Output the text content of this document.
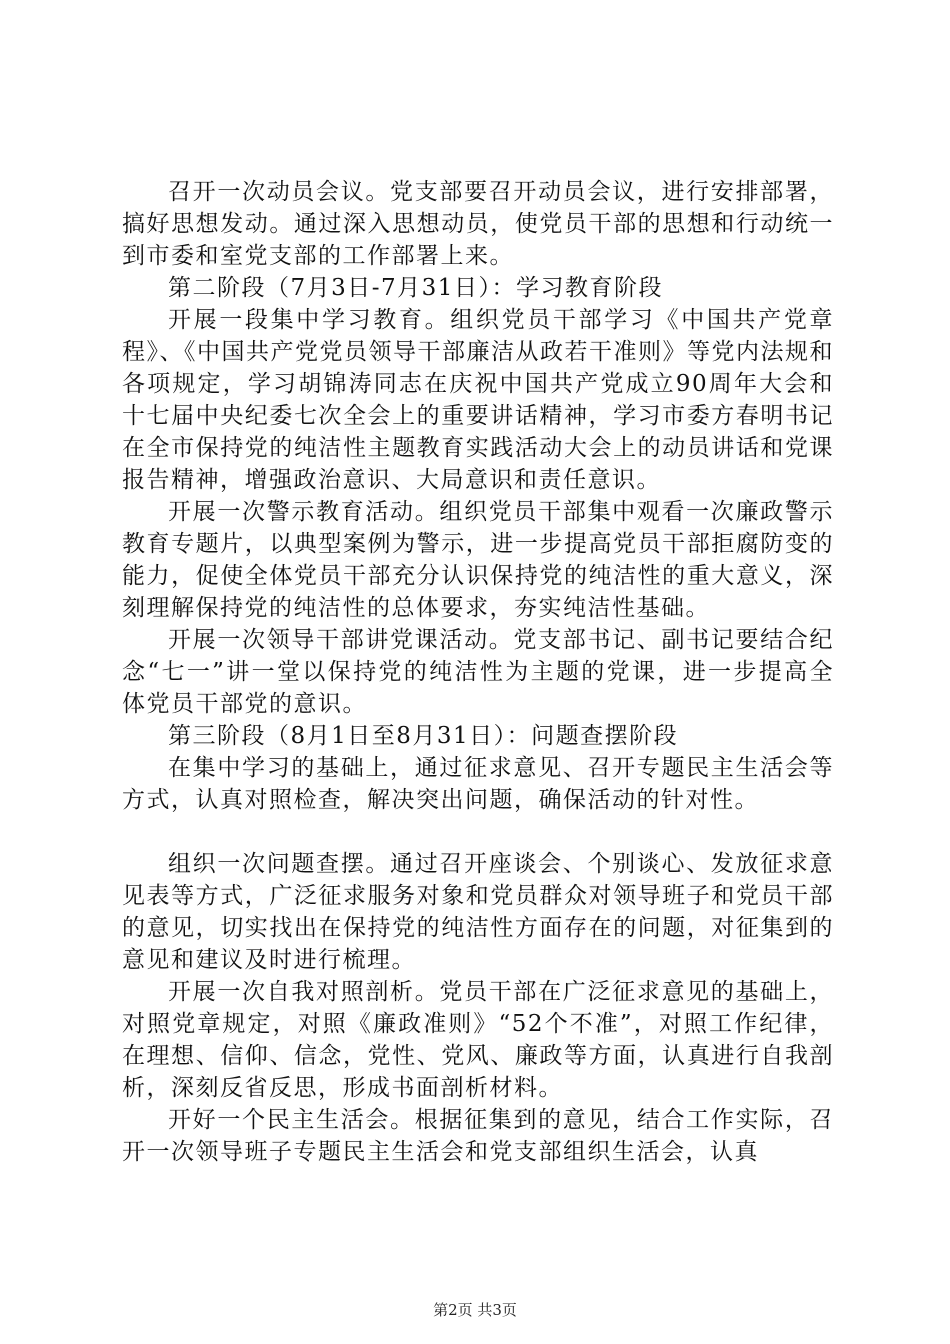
召开一次动员会议。党支部要召开动员会议，进行安排部署，搞好思想发动。通过深入思想动员，使党员干部的思想和行动统一到市委和室党支部的工作部署上来。

第二阶段（7月3日-7月31日）：学习教育阶段

开展一段集中学习教育。组织党员干部学习《中国共产党章程》、《中国共产党党员领导干部廉洁从政若干准则》等党内法规和各项规定，学习胡锦涛同志在庆祝中国共产党成立90周年大会和十七届中央纪委七次全会上的重要讲话精神，学习市委方春明书记在全市保持党的纯洁性主题教育实践活动大会上的动员讲话和党课报告精神，增强政治意识、大局意识和责任意识。

开展一次警示教育活动。组织党员干部集中观看一次廉政警示教育专题片，以典型案例为警示，进一步提高党员干部拒腐防变的能力，促使全体党员干部充分认识保持党的纯洁性的重大意义，深刻理解保持党的纯洁性的总体要求，夯实纯洁性基础。

开展一次领导干部讲党课活动。党支部书记、副书记要结合纪念“七一”讲一堂以保持党的纯洁性为主题的党课，进一步提高全体党员干部党的意识。

第三阶段（8月1日至8月31日）：问题查摆阶段

在集中学习的基础上，通过征求意见、召开专题民主生活会等方式，认真对照检查，解决突出问题，确保活动的针对性。

组织一次问题查摆。通过召开座谈会、个别谈心、发放征求意见表等方式，广泛征求服务对象和党员群众对领导班子和党员干部的意见，切实找出在保持党的纯洁性方面存在的问题，对征集到的意见和建议及时进行梳理。

开展一次自我对照剖析。党员干部在广泛征求意见的基础上，对照党章规定，对照《廉政准则》“52个不准”，对照工作纪律，在理想、信仰、信念，党性、党风、廉政等方面，认真进行自我剖析，深刻反省反思，形成书面剖析材料。

开好一个民主生活会。根据征集到的意见，结合工作实际，召开一次领导班子专题民主生活会和党支部组织生活会，认真

第2页 共3页
